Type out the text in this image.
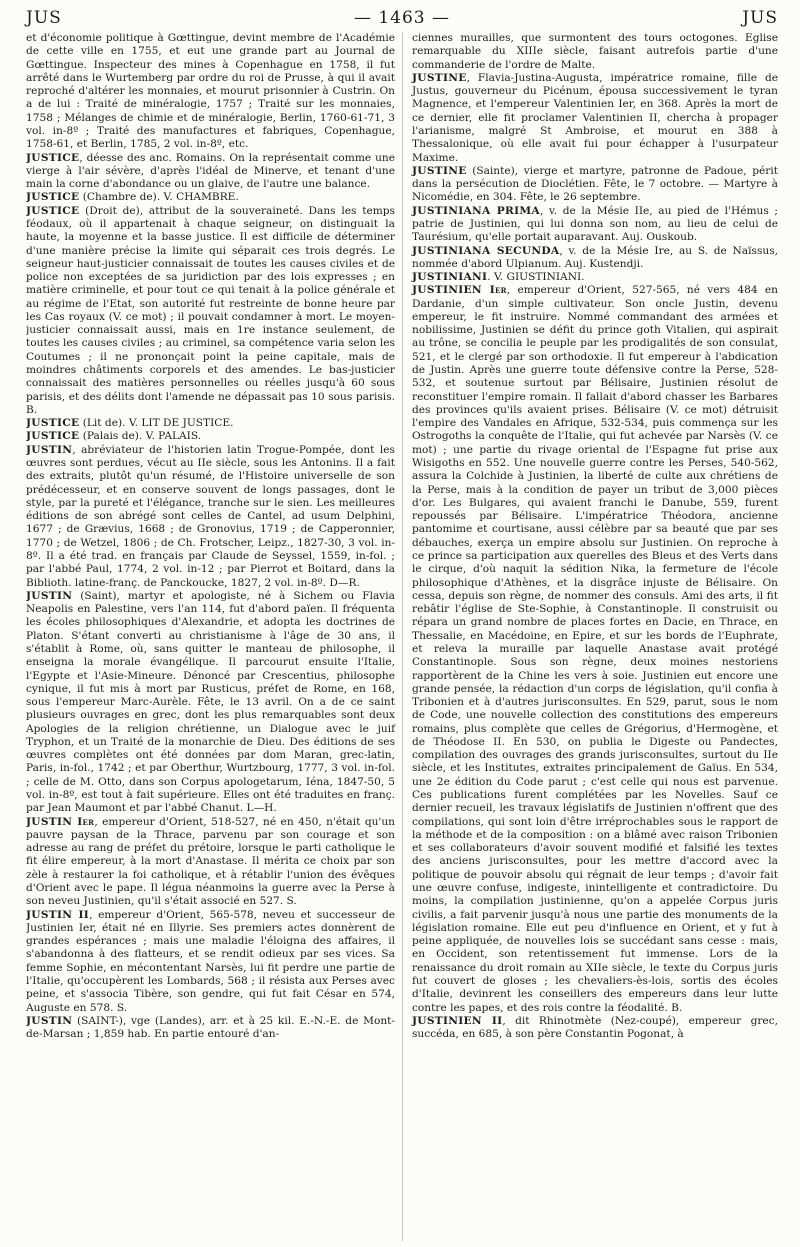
JUS	— 1463 —	JUS

et d'économie politique à Gœttingue, devint membre de l'Académie de cette ville en 1755, et eut une grande part au Journal de Gœttingue. Inspecteur des mines à Copenhague en 1758, il fut arrêté dans le Wurtemberg par ordre du roi de Prusse, à qui il avait reproché d'altérer les monnaies, et mourut prisonnier à Custrin. On a de lui : Traité de minéralogie, 1757 ; Traité sur les monnaies, 1758 ; Mélanges de chimie et de minéralogie, Berlin, 1760-61-71, 3 vol. in-8º ; Traité des manufactures et fabriques, Copenhague, 1758-61, et Berlin, 1785, 2 vol. in-8º, etc.

JUSTICE, déesse des anc. Romains. On la représentait comme une vierge à l'air sévère, d'après l'idéal de Minerve, et tenant d'une main la corne d'abondance ou un glaive, de l'autre une balance.

JUSTICE (Chambre de). V. CHAMBRE.

JUSTICE (Droit de), attribut de la souveraineté. Dans les temps féodaux, où il appartenait à chaque seigneur, on distinguait la haute, la moyenne et la basse justice. Il est difficile de déterminer d'une manière précise la limite qui séparait ces trois degrés. Le seigneur haut-justicier connaissait de toutes les causes civiles et de police non exceptées de sa juridiction par des lois expresses ; en matière criminelle, et pour tout ce qui tenait à la police générale et au régime de l'Etat, son autorité fut restreinte de bonne heure par les Cas royaux (V. ce mot) ; il pouvait condamner à mort. Le moyen-justicier connaissait aussi, mais en 1re instance seulement, de toutes les causes civiles ; au criminel, sa compétence varia selon les Coutumes ; il ne prononçait point la peine capitale, mais de moindres châtiments corporels et des amendes. Le bas-justicier connaissait des matières personnelles ou réelles jusqu'à 60 sous parisis, et des délits dont l'amende ne dépassait pas 10 sous parisis. B.

JUSTICE (Lit de). V. LIT DE JUSTICE.

JUSTICE (Palais de). V. PALAIS.

JUSTIN, abréviateur de l'historien latin Trogue-Pompée, dont les œuvres sont perdues, vécut au IIe siècle, sous les Antonins. Il a fait des extraits, plutôt qu'un résumé, de l'Histoire universelle de son prédécesseur, et en conserve souvent de longs passages, dont le style, par la pureté et l'élégance, tranche sur le sien. Les meilleures éditions de son abrégé sont celles de Cantel, ad usum Delphini, 1677 ; de Grævius, 1668 ; de Gronovius, 1719 ; de Capperonnier, 1770 ; de Wetzel, 1806 ; de Ch. Frotscher, Leipz., 1827-30, 3 vol. in-8º. Il a été trad. en français par Claude de Seyssel, 1559, in-fol. ; par l'abbé Paul, 1774, 2 vol. in-12 ; par Pierrot et Boitard, dans la Biblioth. latine-franç. de Panckoucke, 1827, 2 vol. in-8º. D—R.

JUSTIN (Saint), martyr et apologiste, né à Sichem ou Flavia Neapolis en Palestine, vers l'an 114, fut d'abord païen. Il fréquenta les écoles philosophiques d'Alexandrie, et adopta les doctrines de Platon. S'étant converti au christianisme à l'âge de 30 ans, il s'établit à Rome, où, sans quitter le manteau de philosophe, il enseigna la morale évangélique. Il parcourut ensuite l'Italie, l'Egypte et l'Asie-Mineure. Dénoncé par Crescentius, philosophe cynique, il fut mis à mort par Rusticus, préfet de Rome, en 168, sous l'empereur Marc-Aurèle. Fête, le 13 avril. On a de ce saint plusieurs ouvrages en grec, dont les plus remarquables sont deux Apologies de la religion chrétienne, un Dialogue avec le juif Tryphon, et un Traité de la monarchie de Dieu. Des éditions de ses œuvres complètes ont été données par dom Maran, grec-latin, Paris, in-fol., 1742 ; et par Oberthur, Wurtzbourg, 1777, 3 vol. in-fol. ; celle de M. Otto, dans son Corpus apologetarum, Iéna, 1847-50, 5 vol. in-8º, est tout à fait supérieure. Elles ont été traduites en franç. par Jean Maumont et par l'abbé Chanut. L—H.

JUSTIN Ier, empereur d'Orient, 518-527, né en 450, n'était qu'un pauvre paysan de la Thrace, parvenu par son courage et son adresse au rang de préfet du prétoire, lorsque le parti catholique le fit élire empereur, à la mort d'Anastase. Il mérita ce choix par son zèle à restaurer la foi catholique, et à rétablir l'union des évêques d'Orient avec le pape. Il légua néanmoins la guerre avec la Perse à son neveu Justinien, qu'il s'était associé en 527. S.

JUSTIN II, empereur d'Orient, 565-578, neveu et successeur de Justinien Ier, était né en Illyrie. Ses premiers actes donnèrent de grandes espérances ; mais une maladie l'éloigna des affaires, il s'abandonna à des flatteurs, et se rendit odieux par ses vices. Sa femme Sophie, en mécontentant Narsès, lui fit perdre une partie de l'Italie, qu'occupèrent les Lombards, 568 ; il résista aux Perses avec peine, et s'associa Tibère, son gendre, qui fut fait César en 574, Auguste en 578. S.

JUSTIN (SAINT-), vge (Landes), arr. et à 25 kil. E.-N.-E. de Mont-de-Marsan ; 1,859 hab. En partie entouré d'an-

ciennes murailles, que surmontent des tours octogones. Eglise remarquable du XIIIe siècle, faisant autrefois partie d'une commanderie de l'ordre de Malte.

JUSTINE, Flavia-Justina-Augusta, impératrice romaine, fille de Justus, gouverneur du Picénum, épousa successivement le tyran Magnence, et l'empereur Valentinien Ier, en 368. Après la mort de ce dernier, elle fit proclamer Valentinien II, chercha à propager l'arianisme, malgré St Ambroise, et mourut en 388 à Thessalonique, où elle avait fui pour échapper à l'usurpateur Maxime.

JUSTINE (Sainte), vierge et martyre, patronne de Padoue, périt dans la persécution de Dioclétien. Fête, le 7 octobre. — Martyre à Nicomédie, en 304. Fête, le 26 septembre.

JUSTINIANA PRIMA, v. de la Mésie IIe, au pied de l'Hémus ; patrie de Justinien, qui lui donna son nom, au lieu de celui de Taurésium, qu'elle portait auparavant. Auj. Ouskoub.

JUSTINIANA SECUNDA, v. de la Mésie Ire, au S. de Naïssus, nommée d'abord Ulpianum. Auj. Kustendji.

JUSTINIANI. V. GIUSTINIANI.

JUSTINIEN Ier, empereur d'Orient, 527-565, né vers 484 en Dardanie, d'un simple cultivateur. Son oncle Justin, devenu empereur, le fit instruire. Nommé commandant des armées et nobilissime, Justinien se défit du prince goth Vitalien, qui aspirait au trône, se concilia le peuple par les prodigalités de son consulat, 521, et le clergé par son orthodoxie. Il fut empereur à l'abdication de Justin. Après une guerre toute défensive contre la Perse, 528-532, et soutenue surtout par Bélisaire, Justinien résolut de reconstituer l'empire romain. Il fallait d'abord chasser les Barbares des provinces qu'ils avaient prises. Bélisaire (V. ce mot) détruisit l'empire des Vandales en Afrique, 532-534, puis commença sur les Ostrogoths la conquête de l'Italie, qui fut achevée par Narsès (V. ce mot) ; une partie du rivage oriental de l'Espagne fut prise aux Wisigoths en 552. Une nouvelle guerre contre les Perses, 540-562, assura la Colchide à Justinien, la liberté de culte aux chrétiens de la Perse, mais à la condition de payer un tribut de 3,000 pièces d'or. Les Bulgares, qui avaient franchi le Danube, 559, furent repoussés par Bélisaire. L'impératrice Théodora, ancienne pantomime et courtisane, aussi célèbre par sa beauté que par ses débauches, exerça un empire absolu sur Justinien. On reproche à ce prince sa participation aux querelles des Bleus et des Verts dans le cirque, d'où naquit la sédition Nika, la fermeture de l'école philosophique d'Athènes, et la disgrâce injuste de Bélisaire. On cessa, depuis son règne, de nommer des consuls. Ami des arts, il fit rebâtir l'église de Ste-Sophie, à Constantinople. Il construisit ou répara un grand nombre de places fortes en Dacie, en Thrace, en Thessalie, en Macédoine, en Epire, et sur les bords de l'Euphrate, et releva la muraille par laquelle Anastase avait protégé Constantinople. Sous son règne, deux moines nestoriens rapportèrent de la Chine les vers à soie. Justinien eut encore une grande pensée, la rédaction d'un corps de législation, qu'il confia à Tribonien et à d'autres jurisconsultes. En 529, parut, sous le nom de Code, une nouvelle collection des constitutions des empereurs romains, plus complète que celles de Grégorius, d'Hermogène, et de Théodose II. En 530, on publia le Digeste ou Pandectes, compilation des ouvrages des grands jurisconsultes, surtout du IIe siècle, et les Institutes, extraites principalement de Gaïus. En 534, une 2e édition du Code parut ; c'est celle qui nous est parvenue. Ces publications furent complétées par les Novelles. Sauf ce dernier recueil, les travaux législatifs de Justinien n'offrent que des compilations, qui sont loin d'être irréprochables sous le rapport de la méthode et de la composition : on a blâmé avec raison Tribonien et ses collaborateurs d'avoir souvent modifié et falsifié les textes des anciens jurisconsultes, pour les mettre d'accord avec la politique de pouvoir absolu qui régnait de leur temps ; d'avoir fait une œuvre confuse, indigeste, inintelligente et contradictoire. Du moins, la compilation justinienne, qu'on a appelée Corpus juris civilis, a fait parvenir jusqu'à nous une partie des monuments de la législation romaine. Elle eut peu d'influence en Orient, et y fut à peine appliquée, de nouvelles lois se succédant sans cesse : mais, en Occident, son retentissement fut immense. Lors de la renaissance du droit romain au XIIe siècle, le texte du Corpus juris fut couvert de gloses ; les chevaliers-ès-lois, sortis des écoles d'Italie, devinrent les conseillers des empereurs dans leur lutte contre les papes, et des rois contre la féodalité. B.

JUSTINIEN II, dit Rhinotmète (Nez-coupé), empereur grec, succéda, en 685, à son père Constantin Pogonat, à
